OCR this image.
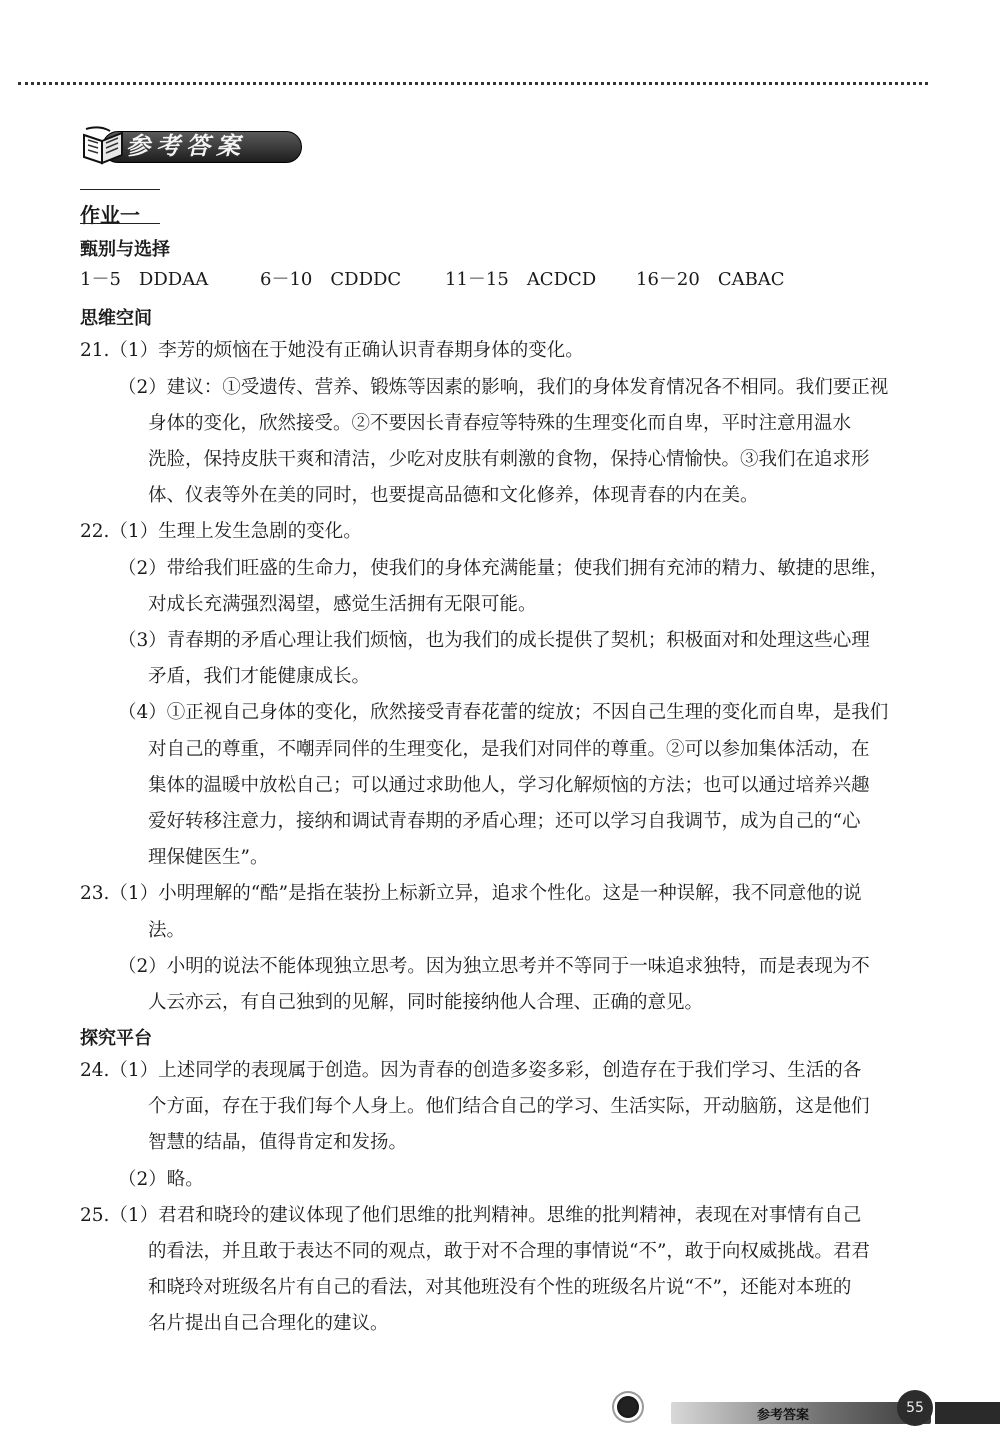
参考答案
作业一
甄别与选择
1－5 DDDAA	6－10 CDDDC 11－15 ACDCD 16－20 CABAC
思维空间
21.（1）李芳的烦恼在于她没有正确认识青春期身体的变化。
（2）建议：①受遗传、营养、锻炼等因素的影响，我们的身体发育情况各不相同。我们要正视
身体的变化，欣然接受。②不要因长青春痘等特殊的生理变化而自卑，平时注意用温水
洗脸，保持皮肤干爽和清洁，少吃对皮肤有刺激的食物，保持心情愉快。③我们在追求形
体、仪表等外在美的同时，也要提高品德和文化修养，体现青春的内在美。
22.（1）生理上发生急剧的变化。
（2）带给我们旺盛的生命力，使我们的身体充满能量；使我们拥有充沛的精力、敏捷的思维，
对成长充满强烈渴望，感觉生活拥有无限可能。
（3）青春期的矛盾心理让我们烦恼，也为我们的成长提供了契机；积极面对和处理这些心理
矛盾，我们才能健康成长。
（4）①正视自己身体的变化，欣然接受青春花蕾的绽放；不因自己生理的变化而自卑，是我们
对自己的尊重，不嘲弄同伴的生理变化，是我们对同伴的尊重。②可以参加集体活动，在
集体的温暖中放松自己；可以通过求助他人，学习化解烦恼的方法；也可以通过培养兴趣
爱好转移注意力，接纳和调试青春期的矛盾心理；还可以学习自我调节，成为自己的“心
理保健医生”。
23.（1）小明理解的“酷”是指在装扮上标新立异，追求个性化。这是一种误解，我不同意他的说
法。
（2）小明的说法不能体现独立思考。因为独立思考并不等同于一味追求独特，而是表现为不
人云亦云，有自己独到的见解，同时能接纳他人合理、正确的意见。
探究平台
24.（1）上述同学的表现属于创造。因为青春的创造多姿多彩，创造存在于我们学习、生活的各
个方面，存在于我们每个人身上。他们结合自己的学习、生活实际，开动脑筋，这是他们
智慧的结晶，值得肯定和发扬。
（2）略。
25.（1）君君和晓玲的建议体现了他们思维的批判精神。思维的批判精神，表现在对事情有自己
的看法，并且敢于表达不同的观点，敢于对不合理的事情说“不”，敢于向权威挑战。君君
和晓玲对班级名片有自己的看法，对其他班没有个性的班级名片说“不”，还能对本班的
名片提出自己合理化的建议。
参考答案	55
